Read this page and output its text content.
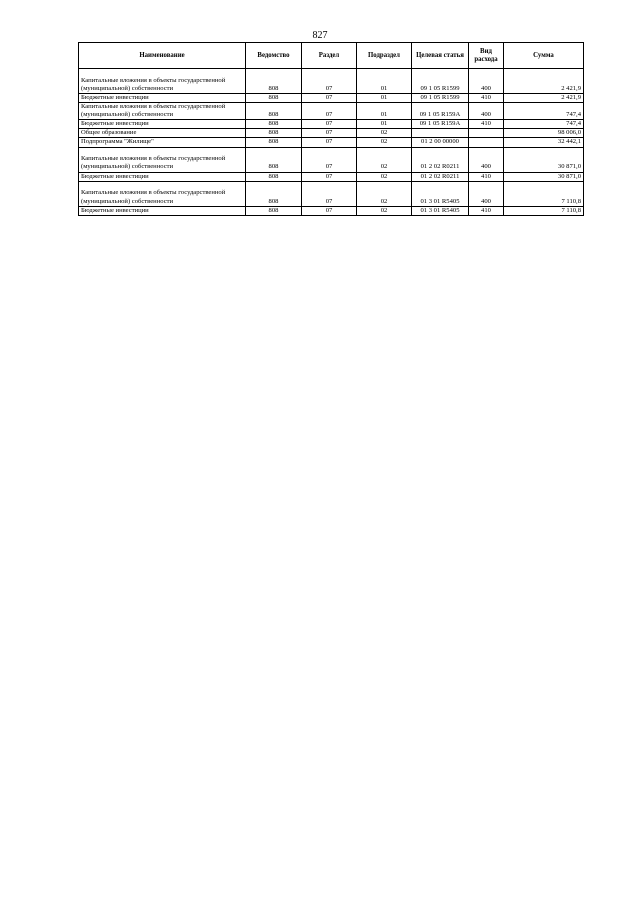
827
Наименование	Ведомство	Раздел	Подраздел	Целевая статья	Вид расхода	Сумма
Капитальные вложения в объекты государственной (муниципальной) собственности	808	07	01	09 1 05 R1599	400	2 421,9
Бюджетные инвестиции	808	07	01	09 1 05 R1599	410	2 421,9
Капитальные вложения в объекты государственной (муниципальной) собственности	808	07	01	09 1 05 R159A	400	747,4
Бюджетные инвестиции	808	07	01	09 1 05 R159A	410	747,4
Общее образование	808	07	02			98 006,0
Подпрограмма "Жилище"	808	07	02	01 2 00 00000		32 442,1
Капитальные вложения в объекты государственной (муниципальной) собственности	808	07	02	01 2 02 R0211	400	30 871,0
Бюджетные инвестиции	808	07	02	01 2 02 R0211	410	30 871,0
Капитальные вложения в объекты государственной (муниципальной) собственности	808	07	02	01 3 01 R5405	400	7 110,8
Бюджетные инвестиции	808	07	02	01 3 01 R5405	410	7 110,8
